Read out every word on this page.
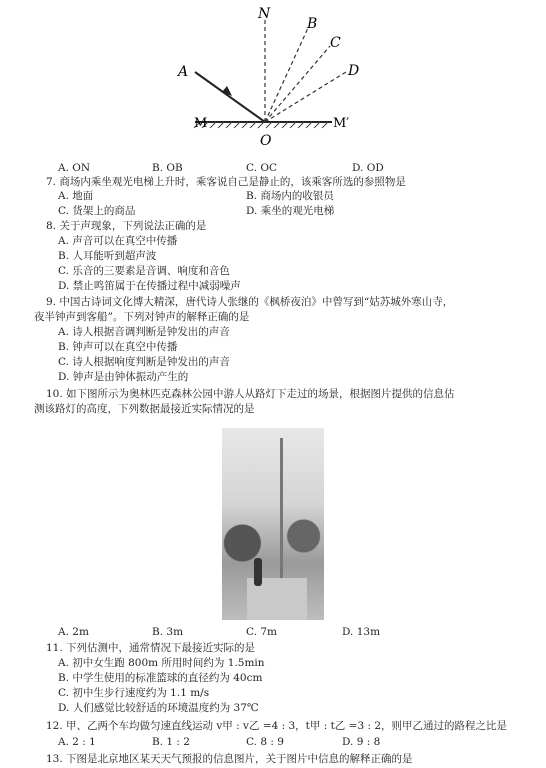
N
B
C
D
A
M	M′
O
A. ON	B. OB	C. OC	D. OD
7. 商场内乘坐观光电梯上升时，乘客说自己是静止的，该乘客所选的参照物是
A. 地面	B. 商场内的收银员
C. 货架上的商品	D. 乘坐的观光电梯
8. 关于声现象，下列说法正确的是
A. 声音可以在真空中传播
B. 人耳能听到超声波
C. 乐音的三要素是音调、响度和音色
D. 禁止鸣笛属于在传播过程中减弱噪声
9. 中国古诗词文化博大精深，唐代诗人张继的《枫桥夜泊》中曾写到“姑苏城外寒山寺，
夜半钟声到客船”。下列对钟声的解释正确的是
A. 诗人根据音调判断是钟发出的声音
B. 钟声可以在真空中传播
C. 诗人根据响度判断是钟发出的声音
D. 钟声是由钟体振动产生的
10. 如下图所示为奥林匹克森林公园中游人从路灯下走过的场景，根据图片提供的信息估
测该路灯的高度，下列数据最接近实际情况的是
A. 2m	B. 3m	C. 7m	D. 13m
11. 下列估测中，通常情况下最接近实际的是
A. 初中女生跑 800m 所用时间约为 1.5min
B. 中学生使用的标准篮球的直径约为 40cm
C. 初中生步行速度约为 1.1 m/s
D. 人们感觉比较舒适的环境温度约为 37℃
12. 甲、乙两个车均做匀速直线运动 v甲 : v乙 =4 : 3，t甲 : t乙 =3 : 2，则甲乙通过的路程之比是
A. 2 : 1	B. 1 : 2	C. 8 : 9	D. 9 : 8
13. 下图是北京地区某天天气预报的信息图片，关于图片中信息的解释正确的是
